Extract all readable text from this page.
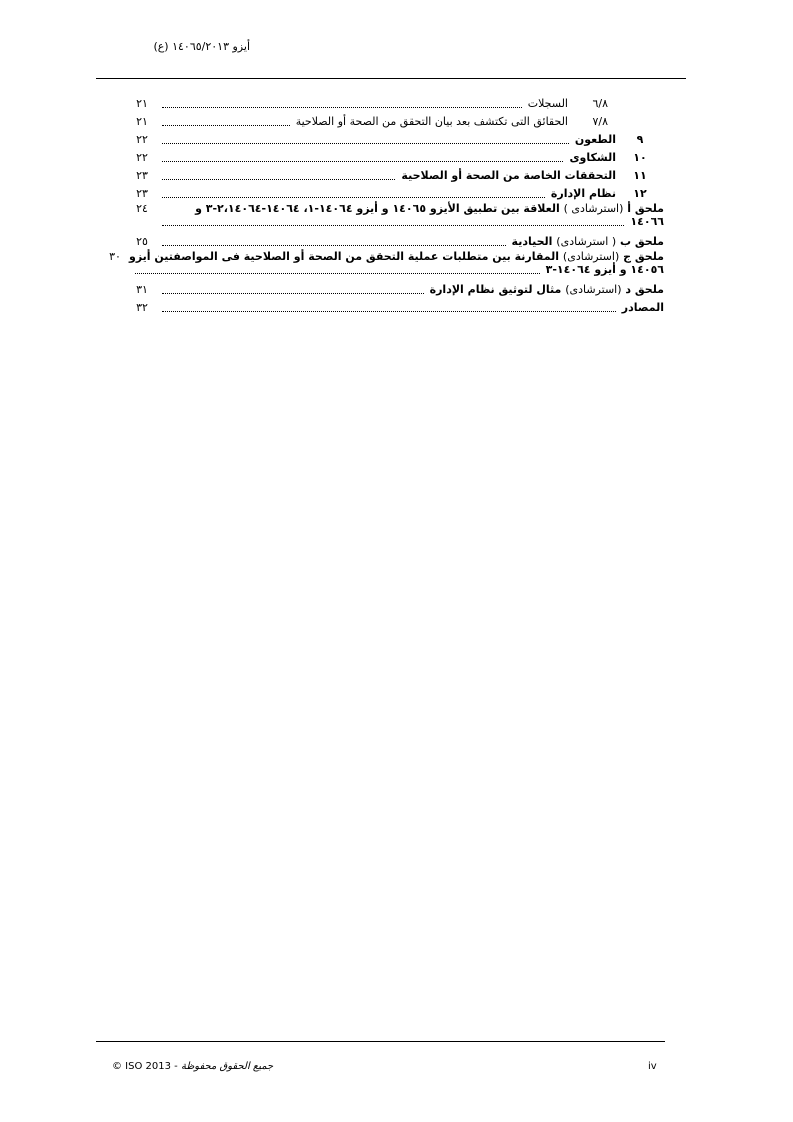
أيزو ١٤٠٦٥/٢٠١٣ (ع)
٦/٨
السجلات
٢١
٧/٨
الحقائق التى تكتشف بعد بيان التحقق من الصحة أو الصلاحية
٢١
٩
الطعون
٢٢
١٠
الشكاوى
٢٢
١١
التحققات الخاصة من الصحة أو الصلاحية
٢٣
١٢
نظام الإدارة
٢٣
ملحق أ (استرشادى ) العلاقة بين تطبيق الأيزو ١٤٠٦٥ و أيزو ١٤٠٦٤-١، ١٤٠٦٤-٢،١٤٠٦٤-٣ و
١٤٠٦٦
٢٤
ملحق ب ( استرشادى) الحيادية
٢٥
ملحق ج (استرشادى) المقارنة بين متطلبات عملية التحقق من الصحة أو الصلاحية فى المواصفتين أيزو
١٤٠٥٦ و أيزو ١٤٠٦٤-٣
٣٠
ملحق د (استرشادى) مثال لتوثيق نظام الإدارة
٣١
المصادر
٣٢
© ISO 2013 - جميع الحقوق محفوظة	iv
